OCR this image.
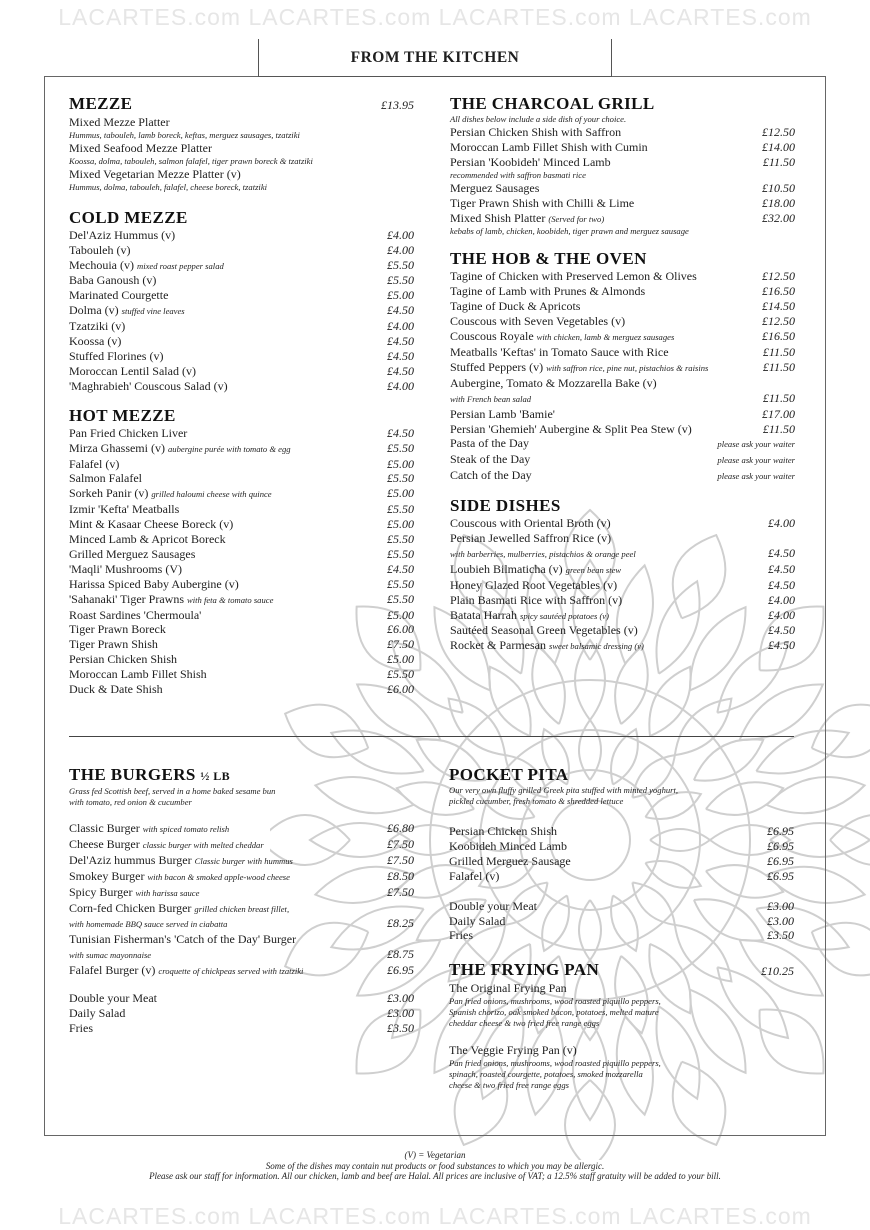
LACARTES.com LACARTES.com LACARTES.com LACARTES.com
FROM THE KITCHEN
MEZZE	£13.95
Mixed Mezze Platter
Hummus, tabouleh, lamb boreck, keftas, merguez sausages, tzatziki
Mixed Seafood Mezze Platter
Koossa, dolma, tabouleh, salmon falafel, tiger prawn boreck & tzatziki
Mixed Vegetarian Mezze Platter (v)
Hummus, dolma, tabouleh, falafel, cheese boreck, tzatziki
COLD MEZZE
Del'Aziz Hummus (v)	£4.00
Tabouleh (v)	£4.00
Mechouia (v) mixed roast pepper salad	£5.50
Baba Ganoush (v)	£5.50
Marinated Courgette	£5.00
Dolma (v) stuffed vine leaves	£4.50
Tzatziki (v)	£4.00
Koossa (v)	£4.50
Stuffed Florines (v)	£4.50
Moroccan Lentil Salad (v)	£4.50
'Maghrabieh' Couscous Salad (v)	£4.00
HOT MEZZE
Pan Fried Chicken Liver	£4.50
Mirza Ghassemi (v) aubergine purée with tomato & egg	£5.50
Falafel (v)	£5.00
Salmon Falafel	£5.50
Sorkeh Panir (v) grilled haloumi cheese with quince	£5.00
Izmir 'Kefta' Meatballs	£5.50
Mint & Kasaar Cheese Boreck (v)	£5.00
Minced Lamb & Apricot Boreck	£5.50
Grilled Merguez Sausages	£5.50
'Maqli' Mushrooms (V)	£4.50
Harissa Spiced Baby Aubergine (v)	£5.50
'Sahanaki' Tiger Prawns with feta & tomato sauce	£5.50
Roast Sardines 'Chermoula'	£5.00
Tiger Prawn Boreck	£6.00
Tiger Prawn Shish	£7.50
Persian Chicken Shish	£5.00
Moroccan Lamb Fillet Shish	£5.50
Duck & Date Shish	£6.00
THE CHARCOAL GRILL
All dishes below include a side dish of your choice.
Persian Chicken Shish with Saffron	£12.50
Moroccan Lamb Fillet Shish with Cumin	£14.00
Persian 'Koobideh' Minced Lamb	£11.50
recommended with saffron basmati rice
Merguez Sausages	£10.50
Tiger Prawn Shish with Chilli & Lime	£18.00
Mixed Shish Platter (Served for two)	£32.00
kebabs of lamb, chicken, koobideh, tiger prawn and merguez sausage
THE HOB & THE OVEN
Tagine of Chicken with Preserved Lemon & Olives	£12.50
Tagine of Lamb with Prunes & Almonds	£16.50
Tagine of Duck & Apricots	£14.50
Couscous with Seven Vegetables (v)	£12.50
Couscous Royale with chicken, lamb & merguez sausages	£16.50
Meatballs 'Keftas' in Tomato Sauce with Rice	£11.50
Stuffed Peppers (v) with saffron rice, pine nut, pistachios & raisins	£11.50
Aubergine, Tomato & Mozzarella Bake (v)
with French bean salad	£11.50
Persian Lamb 'Bamie'	£17.00
Persian 'Ghemieh' Aubergine & Split Pea Stew (v)	£11.50
Pasta of the Day	please ask your waiter
Steak of the Day	please ask your waiter
Catch of the Day	please ask your waiter
SIDE DISHES
Couscous with Oriental Broth (v)	£4.00
Persian Jewelled Saffron Rice (v)
with barberries, mulberries, pistachios & orange peel	£4.50
Loubieh Bilmaticha (v) green bean stew	£4.50
Honey Glazed Root Vegetables (v)	£4.50
Plain Basmati Rice with Saffron (v)	£4.00
Batata Harrah spicy sautéed potatoes (v)	£4.00
Sautéed Seasonal Green Vegetables (v)	£4.50
Rocket & Parmesan sweet balsamic dressing (v)	£4.50
THE BURGERS ½ LB
Grass fed Scottish beef, served in a home baked sesame bun
with tomato, red onion & cucumber
Classic Burger with spiced tomato relish	£6.80
Cheese Burger classic burger with melted cheddar	£7.50
Del'Aziz hummus Burger Classic burger with hummus	£7.50
Smokey Burger with bacon & smoked apple-wood cheese	£8.50
Spicy Burger with harissa sauce	£7.50
Corn-fed Chicken Burger grilled chicken breast fillet,
with homemade BBQ sauce served in ciabatta	£8.25
Tunisian Fisherman's 'Catch of the Day' Burger
with sumac mayonnaise	£8.75
Falafel Burger (v) croquette of chickpeas served with tzatziki	£6.95
Double your Meat	£3.00
Daily Salad	£3.00
Fries	£3.50
POCKET PITA
Our very own fluffy grilled Greek pita stuffed with minted yoghurt,
pickled cucumber, fresh tomato & shredded lettuce
Persian Chicken Shish	£6.95
Koobideh Minced Lamb	£6.95
Grilled Merguez Sausage	£6.95
Falafel (v)	£6.95
Double your Meat	£3.00
Daily Salad	£3.00
Fries	£3.50
THE FRYING PAN	£10.25
The Original Frying Pan
Pan fried onions, mushrooms, wood roasted piquillo peppers,
Spanish chorizo, oak smoked bacon, potatoes, melted mature
cheddar cheese & two fried free range eggs
The Veggie Frying Pan (v)
Pan fried onions, mushrooms, wood roasted piquillo peppers,
spinach, roasted courgette, potatoes, smoked mozzarella
cheese & two fried free range eggs
(V) = Vegetarian
Some of the dishes may contain nut products or food substances to which you may be allergic.
Please ask our staff for information. All our chicken, lamb and beef are Halal. All prices are inclusive of VAT; a 12.5% staff gratuity will be added to your bill.
LACARTES.com LACARTES.com LACARTES.com LACARTES.com
